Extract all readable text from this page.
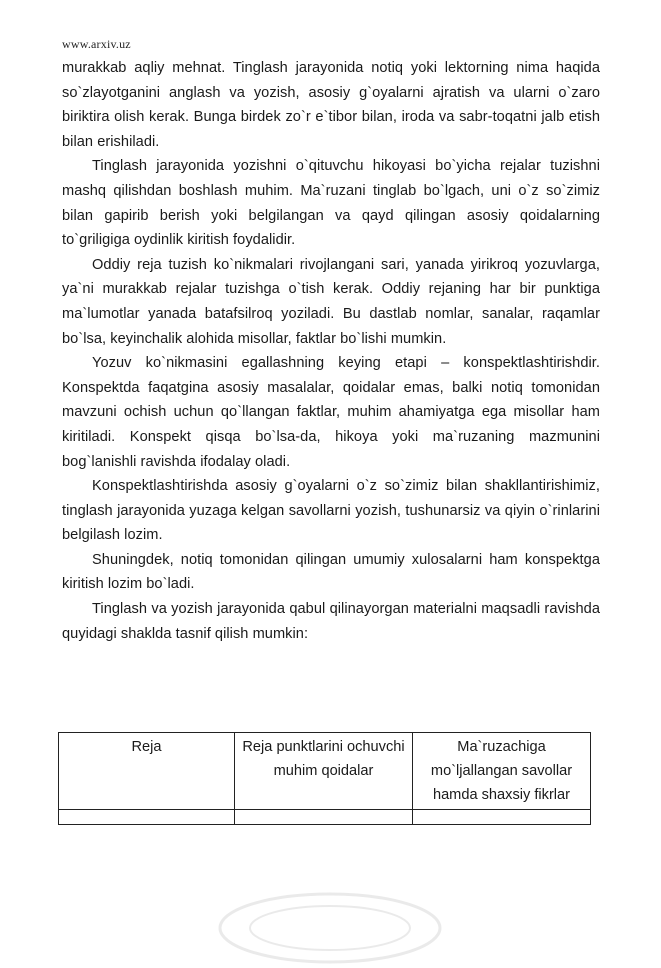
www.arxiv.uz

murakkab aqliy mehnat. Tinglash jarayonida notiq yoki lektorning nima haqida so`zlayotganini anglash va yozish, asosiy g`oyalarni ajratish va ularni o`zaro biriktira olish kerak. Bunga birdek zo`r e`tibor bilan, iroda va sabr-toqatni jalb etish bilan erishiladi.

Tinglash jarayonida yozishni o`qituvchu hikoyasi bo`yicha rejalar tuzishni mashq qilishdan boshlash muhim. Ma`ruzani tinglab bo`lgach, uni o`z so`zimiz bilan gapirib berish yoki belgilangan va qayd qilingan asosiy qoidalarning to`griligiga oydinlik kiritish foydalidir.

Oddiy reja tuzish ko`nikmalari rivojlangani sari, yanada yirikroq yozuvlarga, ya`ni murakkab rejalar tuzishga o`tish kerak. Oddiy rejaning har bir punktiga ma`lumotlar yanada batafsilroq yoziladi. Bu dastlab nomlar, sanalar, raqamlar bo`lsa, keyinchalik alohida misollar, faktlar bo`lishi mumkin.

Yozuv ko`nikmasini egallashning keying etapi – konspektlashtirishdir. Konspektda faqatgina asosiy masalalar, qoidalar emas, balki notiq tomonidan mavzuni ochish uchun qo`llangan faktlar, muhim ahamiyatga ega misollar ham kiritiladi. Konspekt qisqa bo`lsa-da, hikoya yoki ma`ruzaning mazmunini bog`lanishli ravishda ifodalay oladi.

Konspektlashtirishda asosiy g`oyalarni o`z so`zimiz bilan shakllantirishimiz, tinglash jarayonida yuzaga kelgan savollarni yozish, tushunarsiz va qiyin o`rinlarini belgilash lozim.

Shuningdek, notiq tomonidan qilingan umumiy xulosalarni ham konspektga kiritish lozim bo`ladi.

Tinglash va yozish jarayonida qabul qilinayorgan materialni maqsadli ravishda quyidagi shaklda tasnif qilish mumkin:

Reja	Reja punktlarini ochuvchi muhim qoidalar	Ma`ruzachiga mo`ljallangan savollar hamda shaxsiy fikrlar
